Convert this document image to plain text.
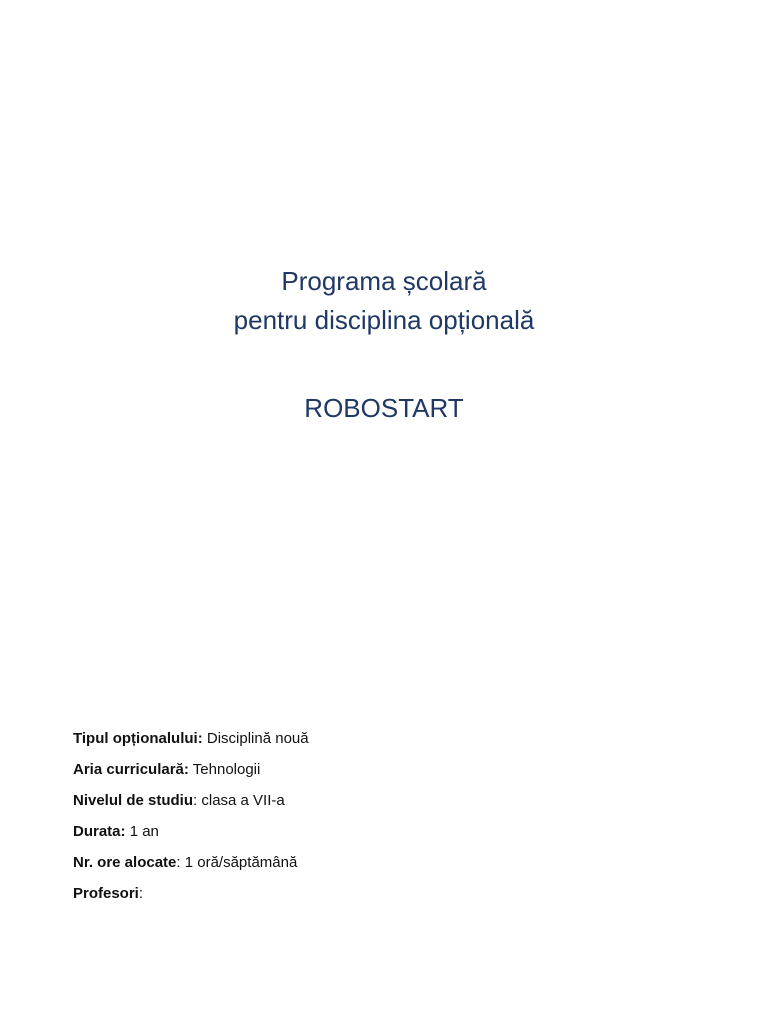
Programa școlară
pentru disciplina opțională
ROBOSTART
Tipul opționalului: Disciplină nouă
Aria curriculară: Tehnologii
Nivelul de studiu: clasa a VII-a
Durata: 1 an
Nr. ore alocate: 1 oră/săptămână
Profesori:
